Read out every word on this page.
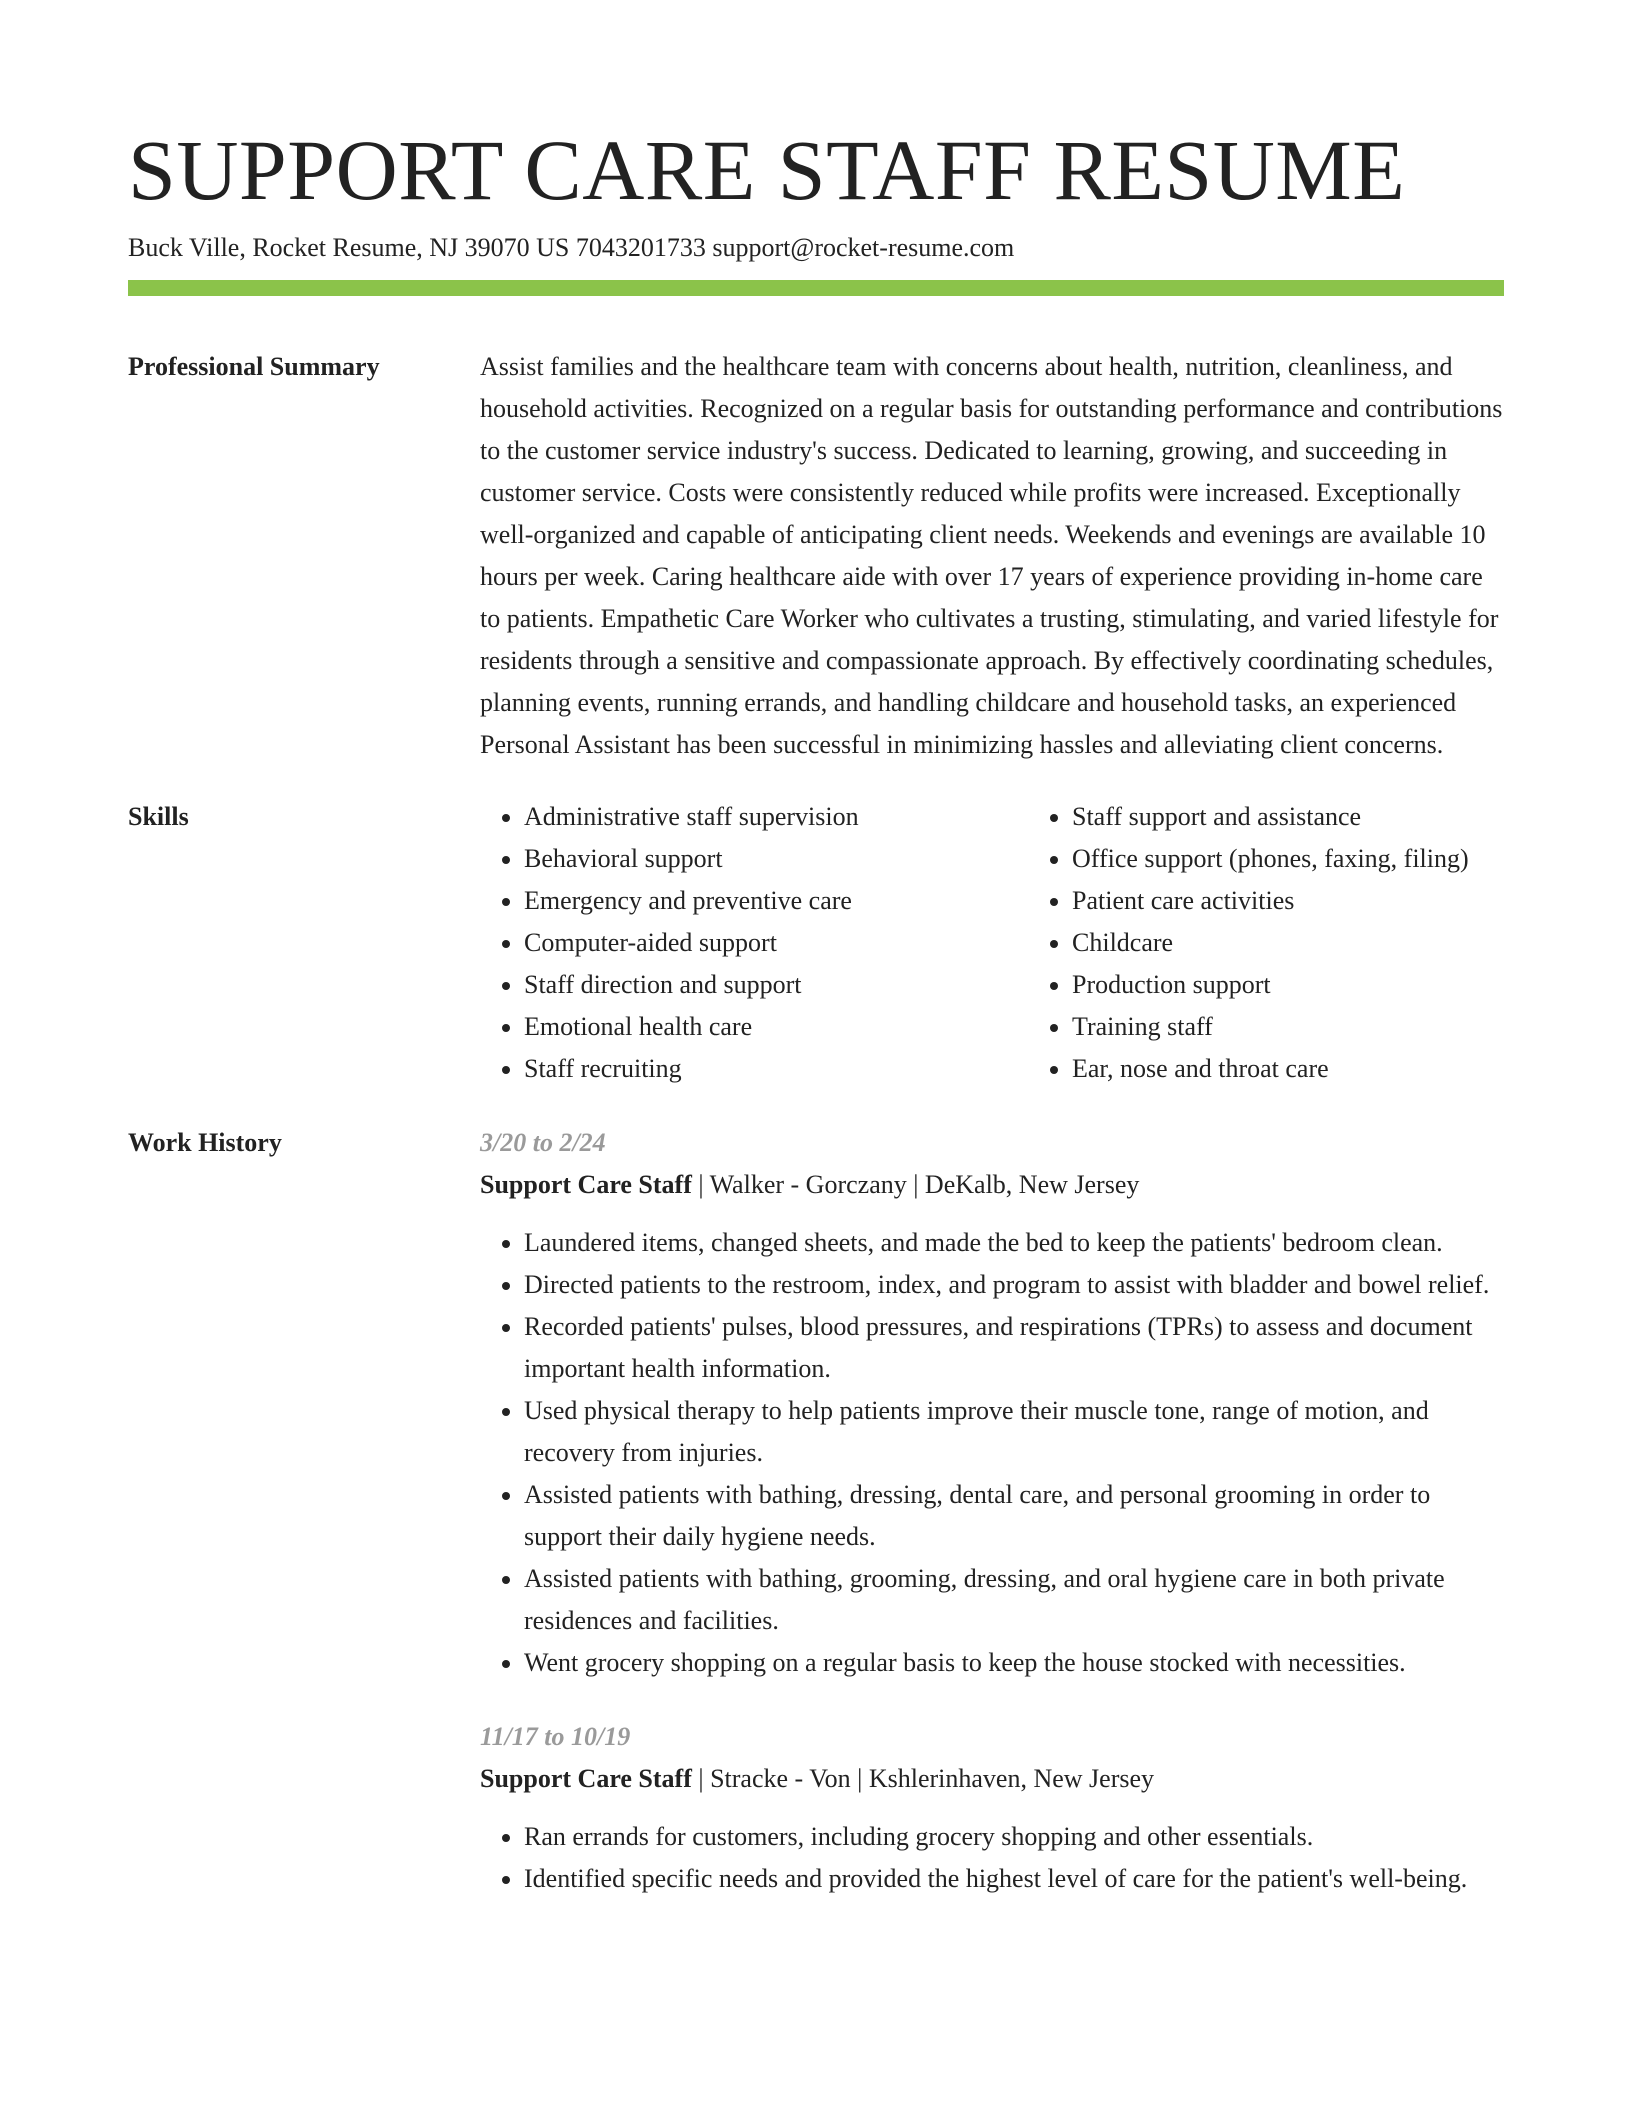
SUPPORT CARE STAFF RESUME
Buck Ville, Rocket Resume, NJ 39070 US 7043201733 support@rocket-resume.com
Professional Summary	Assist families and the healthcare team with concerns about health, nutrition, cleanliness, and household activities. Recognized on a regular basis for outstanding performance and contributions to the customer service industry's success. Dedicated to learning, growing, and succeeding in customer service. Costs were consistently reduced while profits were increased. Exceptionally well-organized and capable of anticipating client needs. Weekends and evenings are available 10 hours per week. Caring healthcare aide with over 17 years of experience providing in-home care to patients. Empathetic Care Worker who cultivates a trusting, stimulating, and varied lifestyle for residents through a sensitive and compassionate approach. By effectively coordinating schedules, planning events, running errands, and handling childcare and household tasks, an experienced Personal Assistant has been successful in minimizing hassles and alleviating client concerns.
Skills
•	Administrative staff supervision
• Behavioral support
• Emergency and preventive care
• Computer-aided support
• Staff direction and support
• Emotional health care
• Staff recruiting
• Staff support and assistance
• Office support (phones, faxing, filing)
• Patient care activities
• Childcare
• Production support
• Training staff
• Ear, nose and throat care
Work History	3/20 to 2/24
Support Care Staff | Walker - Gorczany | DeKalb, New Jersey
• Laundered items, changed sheets, and made the bed to keep the patients' bedroom clean.
• Directed patients to the restroom, index, and program to assist with bladder and bowel relief.
• Recorded patients' pulses, blood pressures, and respirations (TPRs) to assess and document important health information.
• Used physical therapy to help patients improve their muscle tone, range of motion, and recovery from injuries.
• Assisted patients with bathing, dressing, dental care, and personal grooming in order to support their daily hygiene needs.
• Assisted patients with bathing, grooming, dressing, and oral hygiene care in both private residences and facilities.
• Went grocery shopping on a regular basis to keep the house stocked with necessities.
11/17 to 10/19
Support Care Staff | Stracke - Von | Kshlerinhaven, New Jersey
• Ran errands for customers, including grocery shopping and other essentials.
• Identified specific needs and provided the highest level of care for the patient's well-being.
